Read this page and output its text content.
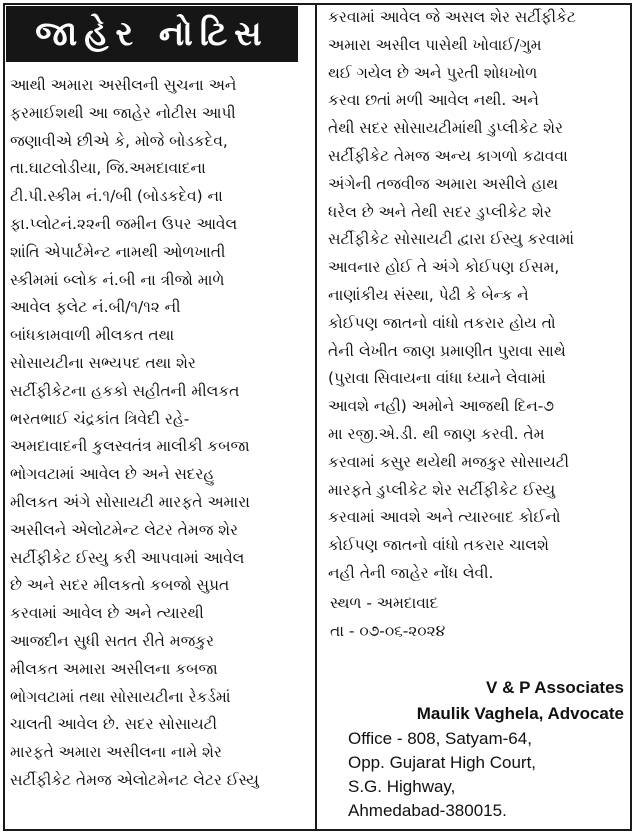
જાહેર નોટિસ
આથી અમારા અસીલની સુચના અને
ફરમાઈશથી આ જાહેર નોટીસ આપી
જણાવીએ છીએ કે, મોજે બોડકદેવ,
તા.ઘાટલોડીયા, જિ.અમદાવાદના
ટી.પી.સ્કીમ નં.૧/બી (બોડકદેવ) ના
ફા.પ્લોટનં.૨૨ની જમીન ઉપર આવેલ
શાંતિ એપાર્ટમેન્ટ નામથી ઓળખાતી
સ્કીમમાં બ્લોક નં.બી ના ત્રીજો માળે
આવેલ ફલેટ નં.બી/૧/૧૨ ની
બાંધકામવાળી મીલકત તથા
સોસાયટીના સભ્યપદ તથા શેર
સર્ટીફીકેટના હકકો સહીતની મીલકત
ભરતભાઈ ચંદ્રકાંત ત્રિવેદી રહે-
અમદાવાદની કુલસ્વતંત્ર માલીકી કબજા
ભોગવટામાં આવેલ છે અને સદરહુ
મીલકત અંગે સોસાયટી મારફતે અમારા
અસીલને એલોટમેન્ટ લેટર તેમજ શેર
સર્ટીફીકેટ ઈસ્યુ કરી આપવામાં આવેલ
છે અને સદર મીલકતો કબજો સુપ્રત
કરવામાં આવેલ છે અને ત્યારથી
આજદીન સુધી સતત રીતે મજકુર
મીલકત અમારા અસીલના કબજા
ભોગવટામાં તથા સોસાયટીના રેકર્ડમાં
ચાલતી આવેલ છે. સદર સોસાયટી
મારફતે અમારા અસીલના નામે શેર
સર્ટીફીકેટ તેમજ એલોટમેનટ લેટર ઈસ્યુ
કરવામાં આવેલ જે અસલ શેર સર્ટીફીકેટ
અમારા અસીલ પાસેથી ખોવાઈ/ગુમ
થઈ ગયેલ છે અને પુરતી શોધખોળ
કરવા છતાં મળી આવેલ નથી. અને
તેથી સદર સોસાયટીમાંથી ડુપ્લીકેટ શેર
સર્ટીફીકેટ તેમજ અન્ય કાગળો કઢાવવા
અંગેની તજવીજ અમારા અસીલે હાથ
ધરેલ છે અને તેથી સદર ડુપ્લીકેટ શેર
સર્ટીફીકેટ સોસાયટી દ્વારા ઈસ્યુ કરવામાં
આવનાર હોઈ તે અંગે કોઈપણ ઈસમ,
નાણાંકીય સંસ્થા, પેઢી કે બેન્ક ને
કોઈપણ જાતનો વાંધો તકરાર હોય તો
તેની લેખીત જાણ પ્રમાણીત પુરાવા સાથે
(પુરાવા સિવાયના વાંધા ધ્યાને લેવામાં
આવશે નહી) અમોને આજથી દિન-૭
મા રજી.એ.ડી. થી જાણ કરવી. તેમ
કરવામાં કસુર થયેથી મજકુર સોસાયટી
મારફતે ડુપ્લીકેટ શેર સર્ટીફીકેટ ઈસ્યુ
કરવામાં આવશે અને ત્યારબાદ કોઈનો
કોઈપણ જાતનો વાંધો તકરાર ચાલશે
નહી તેની જાહેર નોંધ લેવી.
સ્થળ - અમદાવાદ
તા - ૦૭-૦૬-૨૦૨૪
V & P Associates
Maulik Vaghela, Advocate
Office - 808, Satyam-64,
Opp. Gujarat High Court,
S.G. Highway,
Ahmedabad-380015.
